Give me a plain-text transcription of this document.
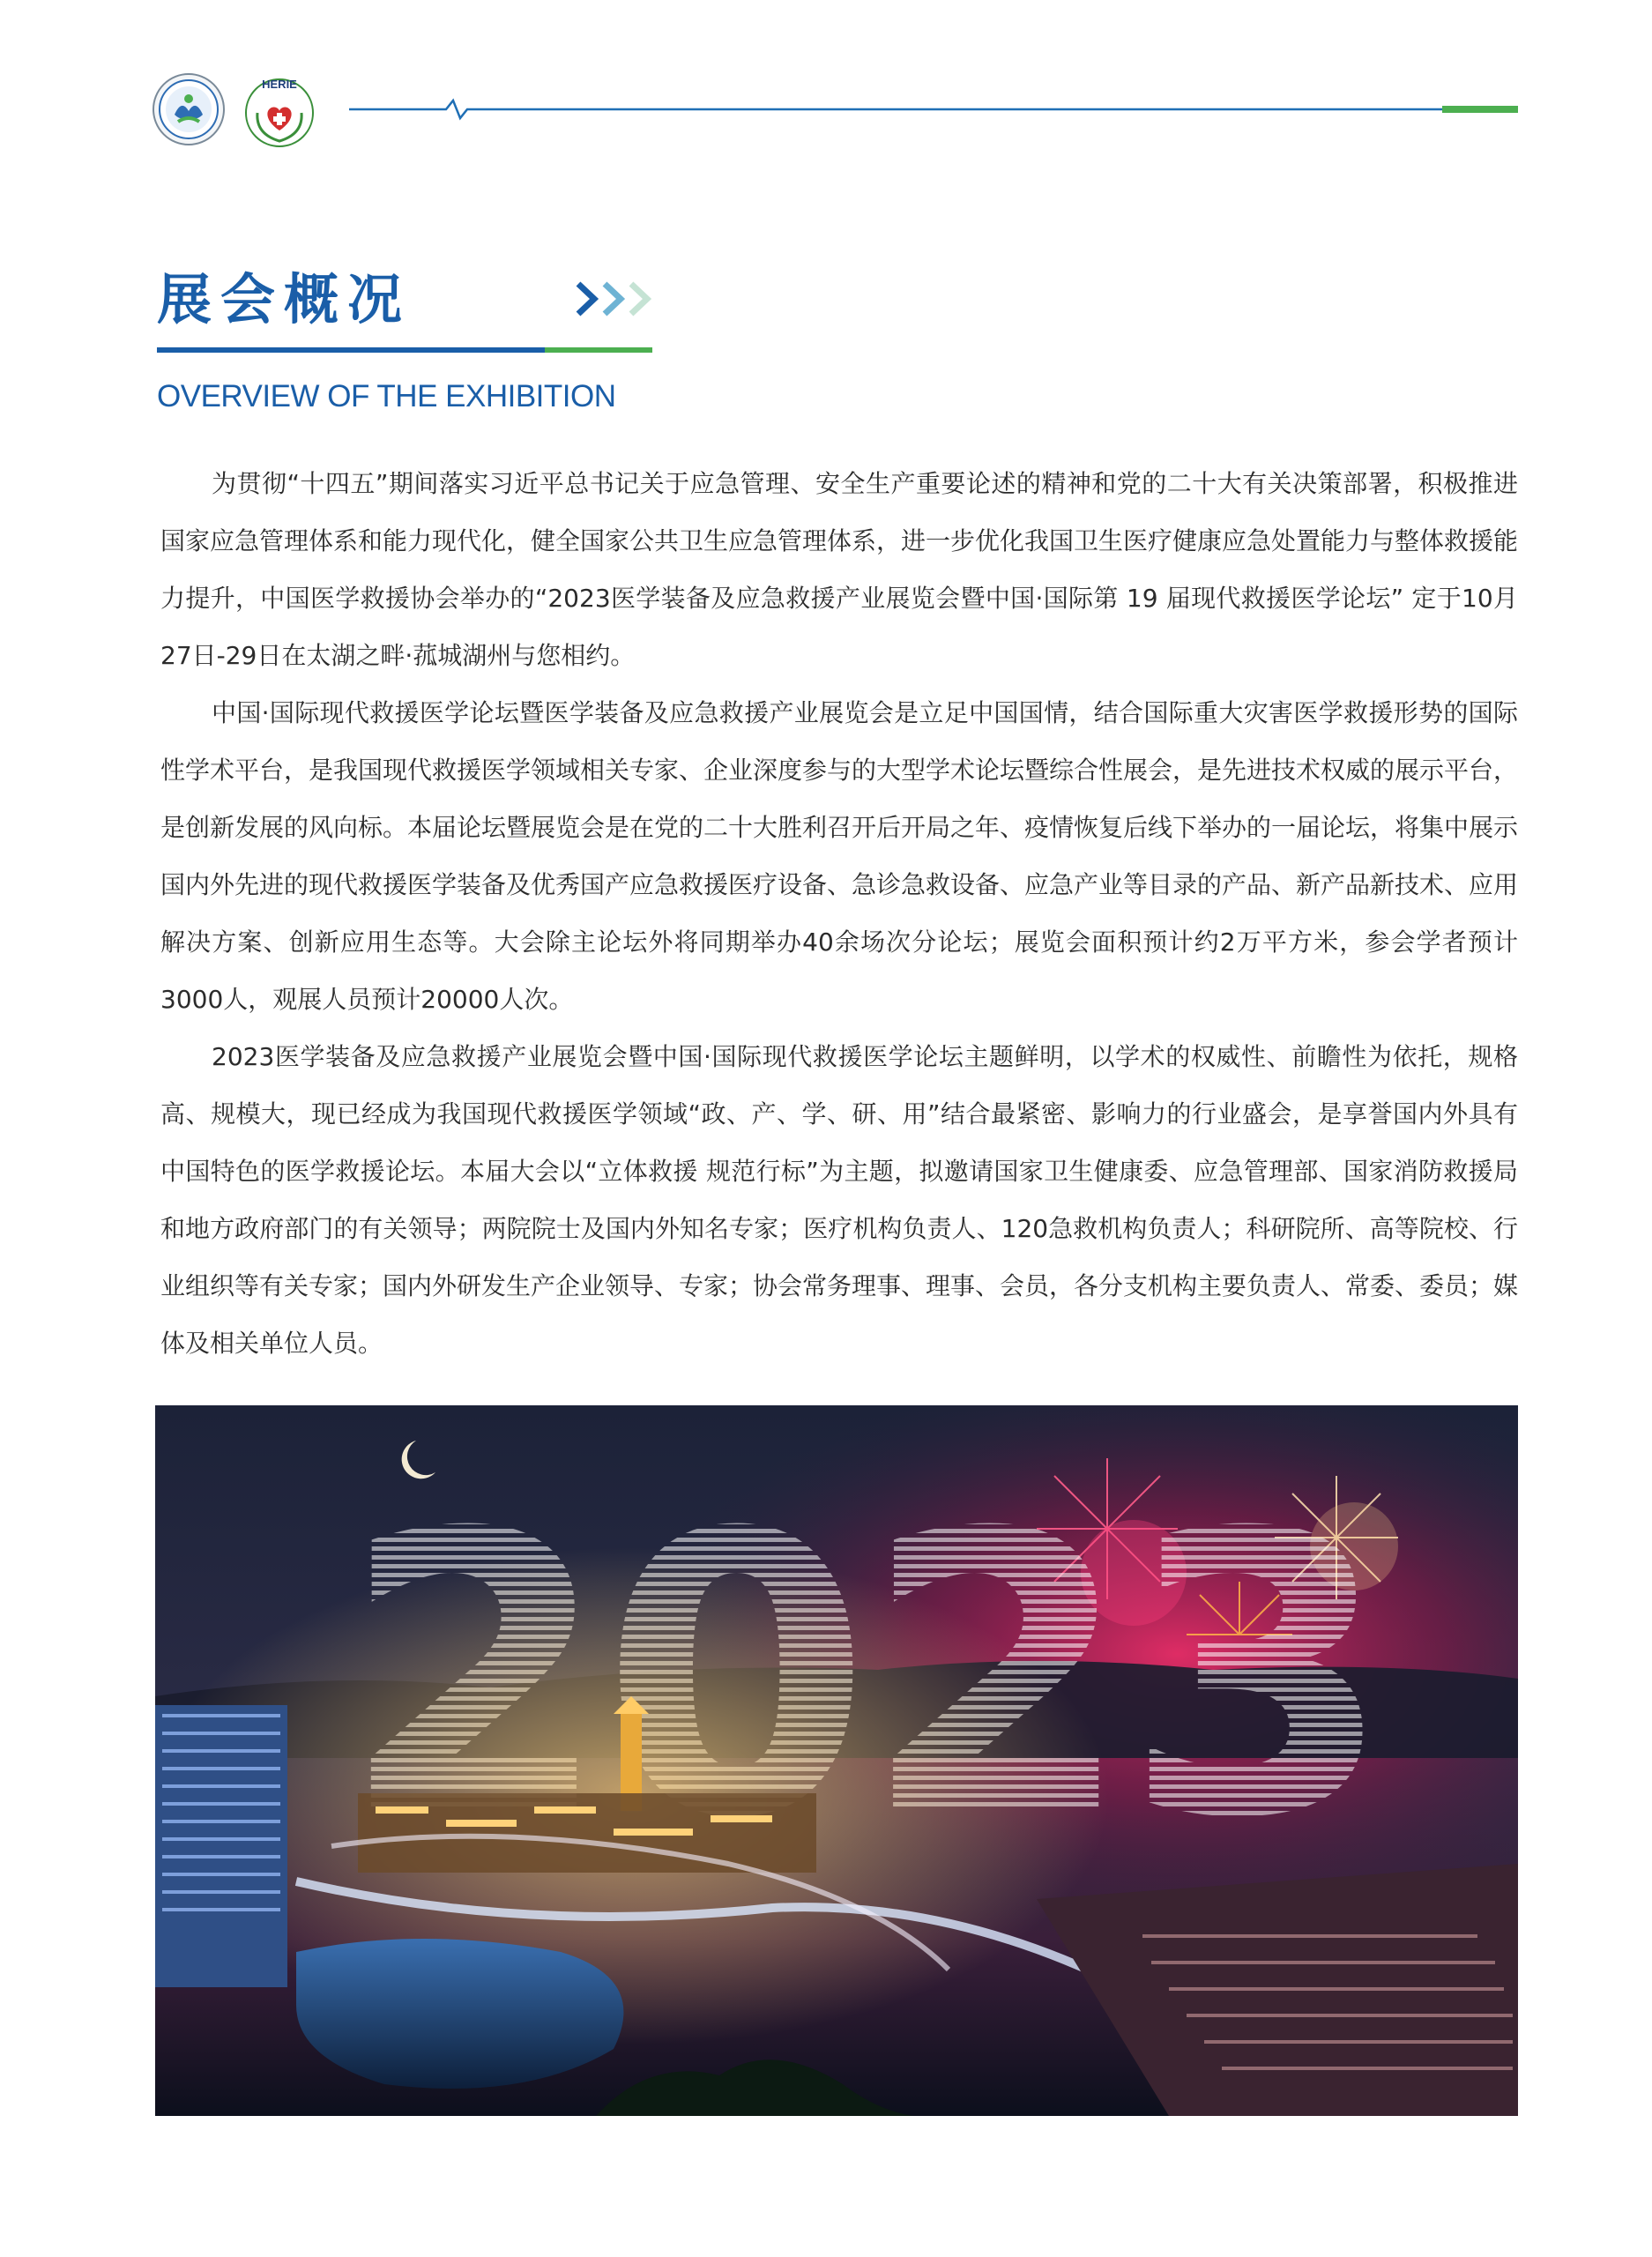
HERIE
展会概况
OVERVIEW OF THE EXHIBITION

为贯彻“十四五”期间落实习近平总书记关于应急管理、安全生产重要论述的精神和党的二十大有关决策部署，积极推进国家应急管理体系和能力现代化，健全国家公共卫生应急管理体系，进一步优化我国卫生医疗健康应急处置能力与整体救援能力提升，中国医学救援协会举办的“2023医学装备及应急救援产业展览会暨中国·国际第 19 届现代救援医学论坛” 定于10月27日-29日在太湖之畔·菰城湖州与您相约。

中国·国际现代救援医学论坛暨医学装备及应急救援产业展览会是立足中国国情，结合国际重大灾害医学救援形势的国际性学术平台，是我国现代救援医学领域相关专家、企业深度参与的大型学术论坛暨综合性展会，是先进技术权威的展示平台，是创新发展的风向标。本届论坛暨展览会是在党的二十大胜利召开后开局之年、疫情恢复后线下举办的一届论坛，将集中展示国内外先进的现代救援医学装备及优秀国产应急救援医疗设备、急诊急救设备、应急产业等目录的产品、新产品新技术、应用解决方案、创新应用生态等。大会除主论坛外将同期举办40余场次分论坛；展览会面积预计约2万平方米，参会学者预计3000人，观展人员预计20000人次。

2023医学装备及应急救援产业展览会暨中国·国际现代救援医学论坛主题鲜明，以学术的权威性、前瞻性为依托，规格高、规模大，现已经成为我国现代救援医学领域“政、产、学、研、用”结合最紧密、影响力的行业盛会，是享誉国内外具有中国特色的医学救援论坛。本届大会以“立体救援 规范行标”为主题，拟邀请国家卫生健康委、应急管理部、国家消防救援局和地方政府部门的有关领导；两院院士及国内外知名专家；医疗机构负责人、120急救机构负责人；科研院所、高等院校、行业组织等有关专家；国内外研发生产企业领导、专家；协会常务理事、理事、会员，各分支机构主要负责人、常委、委员；媒体及相关单位人员。
